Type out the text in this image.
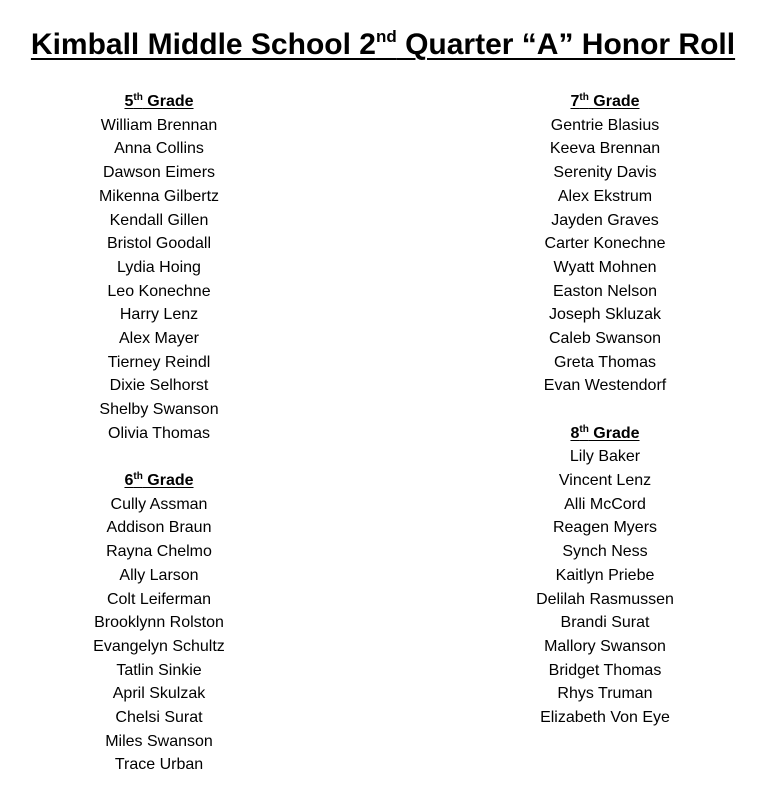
Kimball Middle School 2nd Quarter “A” Honor Roll
5th Grade
William Brennan
Anna Collins
Dawson Eimers
Mikenna Gilbertz
Kendall Gillen
Bristol Goodall
Lydia Hoing
Leo Konechne
Harry Lenz
Alex Mayer
Tierney Reindl
Dixie Selhorst
Shelby Swanson
Olivia Thomas
6th Grade
Cully Assman
Addison Braun
Rayna Chelmo
Ally Larson
Colt Leiferman
Brooklynn Rolston
Evangelyn Schultz
Tatlin Sinkie
April Skulzak
Chelsi Surat
Miles Swanson
Trace Urban
7th Grade
Gentrie Blasius
Keeva Brennan
Serenity Davis
Alex Ekstrum
Jayden Graves
Carter Konechne
Wyatt Mohnen
Easton Nelson
Joseph Skluzak
Caleb Swanson
Greta Thomas
Evan Westendorf
8th Grade
Lily Baker
Vincent Lenz
Alli McCord
Reagen Myers
Synch Ness
Kaitlyn Priebe
Delilah Rasmussen
Brandi Surat
Mallory Swanson
Bridget Thomas
Rhys Truman
Elizabeth Von Eye
